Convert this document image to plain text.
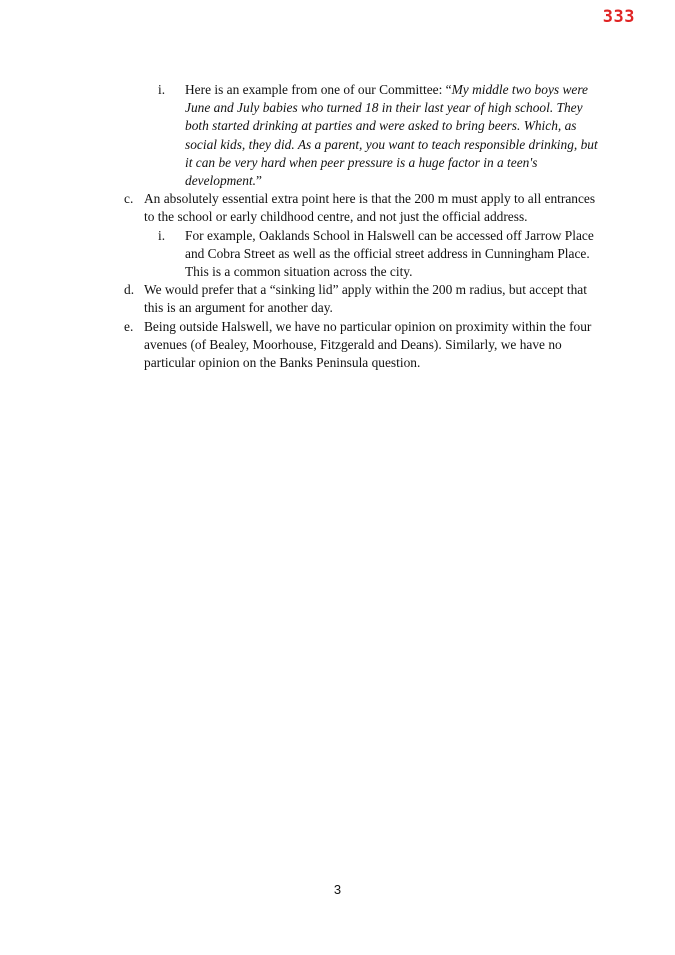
333
i. Here is an example from one of our Committee: “My middle two boys were June and July babies who turned 18 in their last year of high school. They both started drinking at parties and were asked to bring beers. Which, as social kids, they did. As a parent, you want to teach responsible drinking, but it can be very hard when peer pressure is a huge factor in a teen's development.”
c. An absolutely essential extra point here is that the 200 m must apply to all entrances to the school or early childhood centre, and not just the official address.
i. For example, Oaklands School in Halswell can be accessed off Jarrow Place and Cobra Street as well as the official street address in Cunningham Place. This is a common situation across the city.
d. We would prefer that a “sinking lid” apply within the 200 m radius, but accept that this is an argument for another day.
e. Being outside Halswell, we have no particular opinion on proximity within the four avenues (of Bealey, Moorhouse, Fitzgerald and Deans). Similarly, we have no particular opinion on the Banks Peninsula question.
3
